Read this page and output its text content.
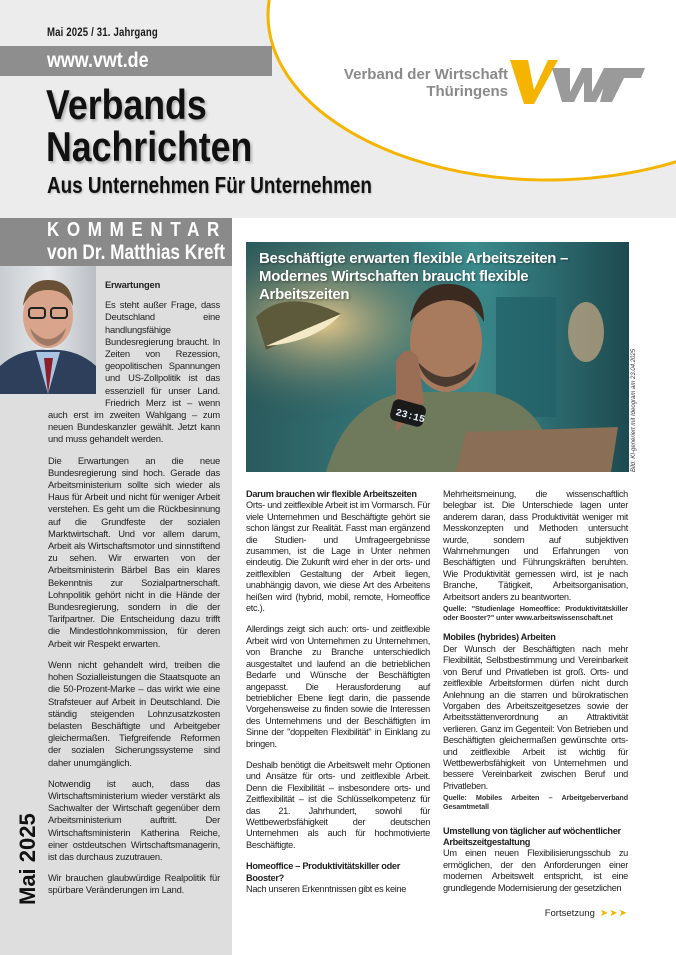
Mai 2025 / 31. Jahrgang
www.vwt.de
Verbands
Nachrichten
Aus Unternehmen Für Unternehmen
Verband der Wirtschaft
Thüringens
KOMMENTAR
von Dr. Matthias Kreft
Erwartungen

Es steht außer Frage, dass Deutschland eine handlungsfähige Bundesregierung braucht. In Zeiten von Rezession, geopolitischen Spannungen und US-Zollpolitik ist das essenziell für unser Land. Friedrich Merz ist – wenn auch erst im zweiten Wahlgang – zum neuen Bundeskanzler gewählt. Jetzt kann und muss gehandelt werden.

Die Erwartungen an die neue Bundesregierung sind hoch. Gerade das Arbeitsministerium sollte sich wieder als Haus für Arbeit und nicht für weniger Arbeit verstehen. Es geht um die Rückbesinnung auf die Grundfeste der sozialen Marktwirtschaft. Und vor allem darum, Arbeit als Wirtschaftsmotor und sinnstiftend zu sehen. Wir erwarten von der Arbeitsministerin Bärbel Bas ein klares Bekenntnis zur Sozialpartnerschaft. Lohnpolitik gehört nicht in die Hände der Bundesregierung, sondern in die der Tarifpartner. Die Entscheidung dazu trifft die Mindestlohnkommission, für deren Arbeit wir Respekt erwarten.

Wenn nicht gehandelt wird, treiben die hohen Sozialleistungen die Staatsquote an die 50-Prozent-Marke – das wirkt wie eine Strafsteuer auf Arbeit in Deutschland. Die ständig steigenden Lohnzusatzkosten belasten Beschäftigte und Arbeitgeber gleichermaßen. Tiefgreifende Reformen der sozialen Sicherungssysteme sind daher unumgänglich.

Notwendig ist auch, dass das Wirtschaftsministerium wieder verstärkt als Sachwalter der Wirtschaft gegenüber dem Arbeitsministerium auftritt. Der Wirtschaftsministerin Katherina Reiche, einer ostdeutschen Wirtschaftsmanagerin, ist das durchaus zuzutrauen.

Wir brauchen glaubwürdige Realpolitik für spürbare Veränderungen im Land.

Mai 2025
23:15
Beschäftigte erwarten flexible Arbeitszeiten –
Modernes Wirtschaften braucht flexible Arbeitszeiten
Bild: KI-generiert mit Ideogram am 23.04.2025
Darum brauchen wir flexible Arbeitszeiten

Orts- und zeitflexible Arbeit ist im Vormarsch. Für viele Unternehmen und Beschäftigte gehört sie schon längst zur Realität. Fasst man ergänzend die Studien- und Umfrageergebnisse zusammen, ist die Lage in Unter nehmen eindeutig. Die Zukunft wird eher in der orts- und zeitflexiblen Gestaltung der Arbeit liegen, unabhängig davon, wie diese Art des Arbeitens heißen wird (hybrid, mobil, remote, Homeoffice etc.).

Allerdings zeigt sich auch: orts- und zeitflexible Arbeit wird von Unternehmen zu Unternehmen, von Branche zu Branche unterschiedlich ausgestaltet und laufend an die betrieblichen Bedarfe und Wünsche der Beschäftigten angepasst. Die Herausforderung auf betrieblicher Ebene liegt darin, die passende Vorgehensweise zu finden sowie die Interessen des Unternehmens und der Beschäftigten im Sinne der "doppelten Flexibilität" in Einklang zu bringen.

Deshalb benötigt die Arbeitswelt mehr Optionen und Ansätze für orts- und zeitflexible Arbeit. Denn die Flexibilität – insbesondere orts- und Zeitflexibilität – ist die Schlüsselkompetenz für das 21. Jahrhundert, sowohl für Wettbewerbsfähigkeit der deutschen Unternehmen als auch für hochmotivierte Beschäftigte.

Homeoffice – Produktivitätskiller oder Booster?

Nach unseren Erkenntnissen gibt es keine

Mehrheitsmeinung, die wissenschaftlich belegbar ist. Die Unterschiede lagen unter anderem daran, dass Produktivität weniger mit Messkonzepten und Methoden untersucht wurde, sondern auf subjektiven Wahrnehmungen und Erfahrungen von Beschäftigten und Führungskräften beruhten. Wie Produktivität gemessen wird, ist je nach Branche, Tätigkeit, Arbeitsorganisation, Arbeitsort anders zu beantworten.

Quelle: "Studienlage Homeoffice: Produktivitätskiller oder Booster?" unter www.arbeitswissenschaft.net
Mobiles (hybrides) Arbeiten

Der Wunsch der Beschäftigten nach mehr Flexibilität, Selbstbestimmung und Vereinbarkeit von Beruf und Privatleben ist groß. Orts- und zeitflexible Arbeitsformen dürfen nicht durch Anlehnung an die starren und bürokratischen Vorgaben des Arbeitszeitgesetzes sowie der Arbeitsstättenverordnung an Attraktivität verlieren. Ganz im Gegenteil: Von Betrieben und Beschäftigten gleichermaßen gewünschte orts- und zeitflexible Arbeit ist wichtig für Wettbewerbsfähigkeit von Unternehmen und bessere Vereinbarkeit zwischen Beruf und Privatleben.

Quelle: Mobiles Arbeiten – Arbeitgeberverband Gesamtmetall
Umstellung von täglicher auf wöchentlicher Arbeitszeitgestaltung

Um einen neuen Flexibilisierungsschub zu ermöglichen, der den Anforderungen einer modernen Arbeitswelt entspricht, ist eine grundlegende Modernisierung der gesetzlichen

Fortsetzung ➤➤➤
